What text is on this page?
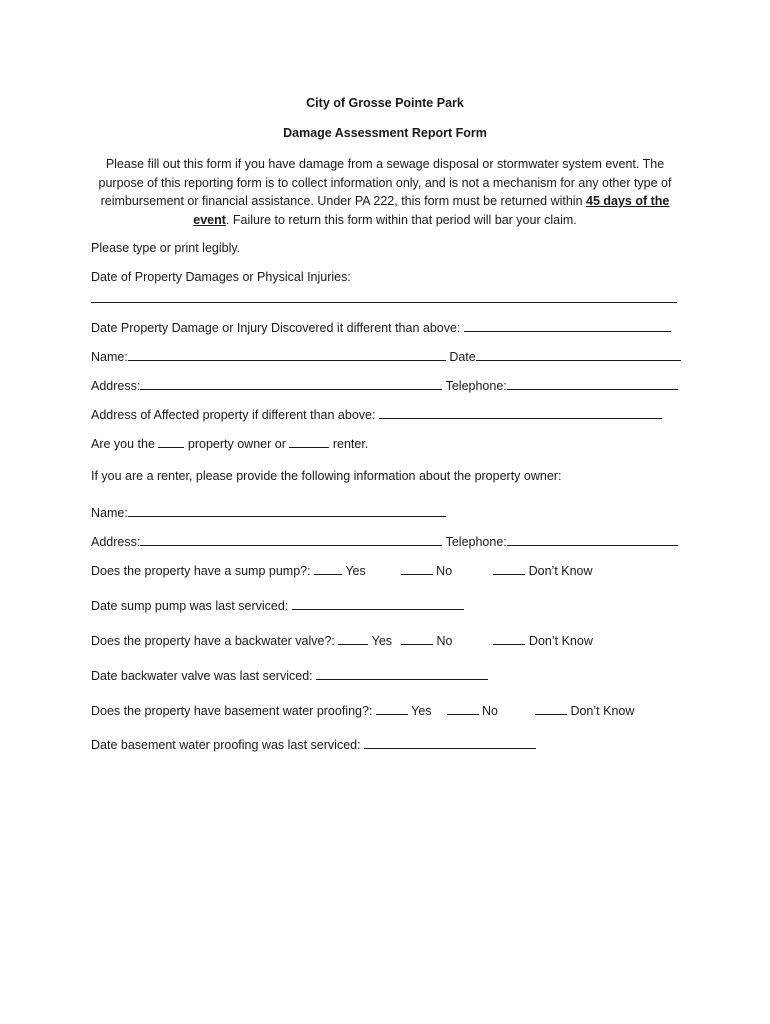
City of Grosse Pointe Park
Damage Assessment Report Form
Please fill out this form if you have damage from a sewage disposal or stormwater system event. The purpose of this reporting form is to collect information only, and is not a mechanism for any other type of reimbursement or financial assistance. Under PA 222, this form must be returned within 45 days of the event. Failure to return this form within that period will bar your claim.
Please type or print legibly.
Date of Property Damages or Physical Injuries:
Date Property Damage or Injury Discovered it different than above:
Name:	Date
Address:	Telephone:
Address of Affected property if different than above:
Are you the	property owner or	renter.
If you are a renter, please provide the following information about the property owner:
Name:
Address:	Telephone:
Does the property have a sump pump?:	Yes	No	Don’t Know
Date sump pump was last serviced:
Does the property have a backwater valve?:	Yes	No	Don’t Know
Date backwater valve was last serviced:
Does the property have basement water proofing?:	Yes	No	Don’t Know
Date basement water proofing was last serviced:
